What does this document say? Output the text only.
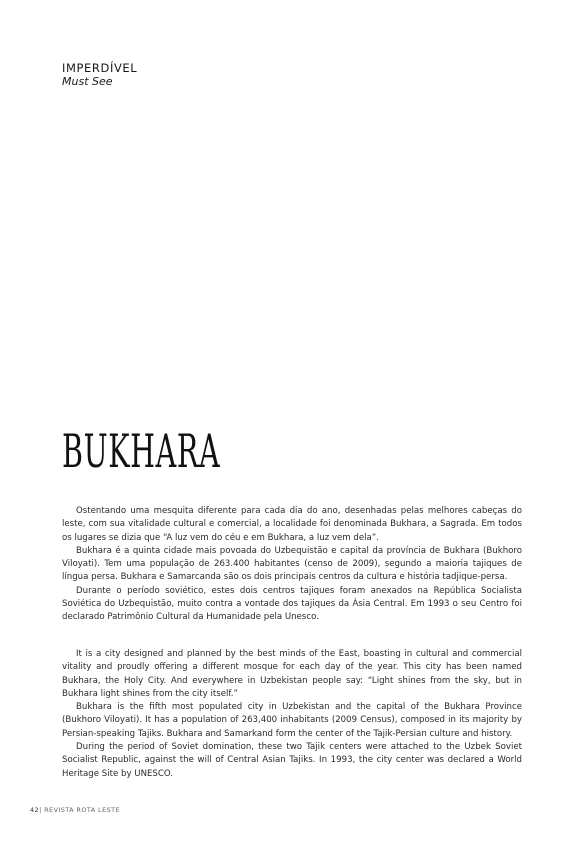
IMPERDÍVEL
Must See
BUKHARA

Ostentando uma mesquita diferente para cada dia do ano, desenhadas pelas melhores cabeças do leste, com sua vitalidade cultural e comercial, a localidade foi denominada Bukhara, a Sagrada. Em todos os lugares se dizia que “A luz vem do céu e em Bukhara, a luz vem dela”.

Bukhara é a quinta cidade mais povoada do Uzbequistão e capital da província de Bukhara (Bukhoro Viloyati). Tem uma população de 263.400 habitantes (censo de 2009), segundo a maioria tajiques de língua persa. Bukhara e Samarcanda são os dois principais centros da cultura e história tadjique-persa.

Durante o período soviético, estes dois centros tajiques foram anexados na República Socialista Soviética do Uzbequistão, muito contra a vontade dos tajiques da Ásia Central. Em 1993 o seu Centro foi declarado Patrimônio Cultural da Humanidade pela Unesco.

It is a city designed and planned by the best minds of the East, boasting in cultural and commercial vitality and proudly offering a different mosque for each day of the year. This city has been named Bukhara, the Holy City. And everywhere in Uzbekistan people say: “Light shines from the sky, but in Bukhara light shines from the city itself.”

Bukhara is the fifth most populated city in Uzbekistan and the capital of the Bukhara Province (Bukhoro Viloyati). It has a population of 263,400 inhabitants (2009 Census), composed in its majority by Persian-speaking Tajiks. Bukhara and Samarkand form the center of the Tajik-Persian culture and history.

During the period of Soviet domination, these two Tajik centers were attached to the Uzbek Soviet Socialist Republic, against the will of Central Asian Tajiks. In 1993, the city center was declared a World Heritage Site by UNESCO.

42| REVISTA ROTA LESTE
